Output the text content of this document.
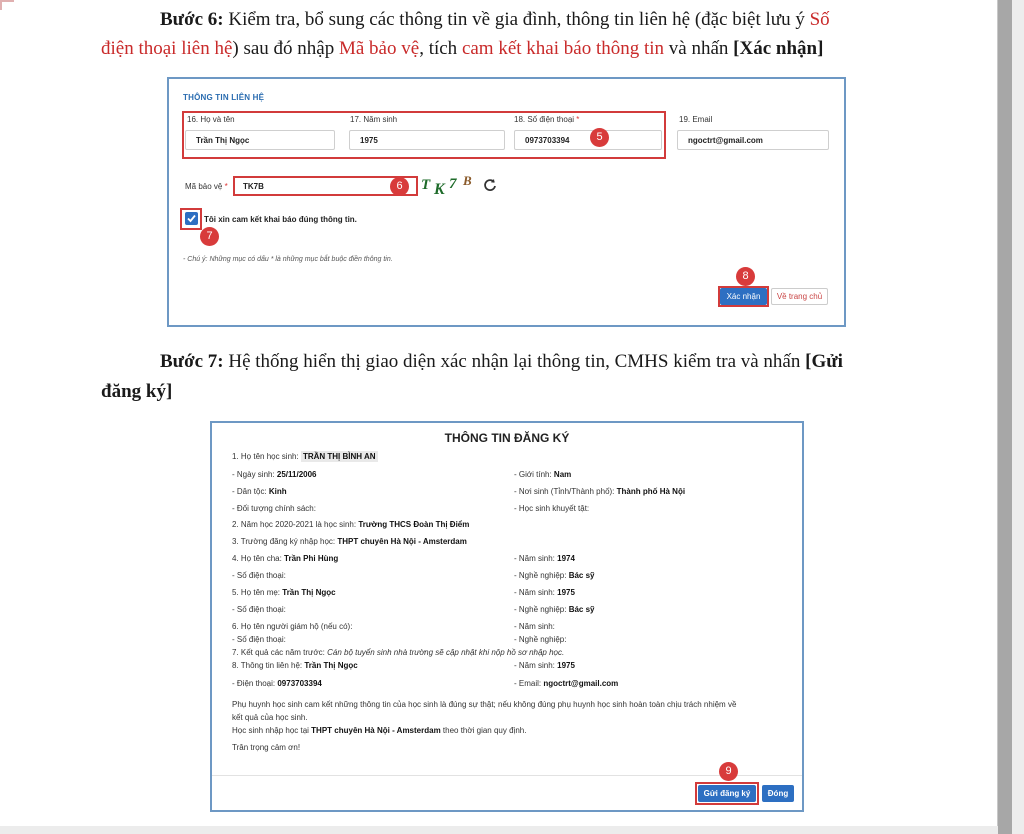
Bước 6: Kiểm tra, bổ sung các thông tin về gia đình, thông tin liên hệ (đặc biệt lưu ý Số
điện thoại liên hệ) sau đó nhập Mã bảo vệ, tích cam kết khai báo thông tin và nhấn [Xác nhận]
THÔNG TIN LIÊN HỆ
16. Họ và tên
Trần Thị Ngọc
17. Năm sinh
1975
18. Số điện thoại *
0973703394
19. Email
ngoctrt@gmail.com
5
Mã bảo vệ *	TK7B	6	T K 7 B
Tôi xin cam kết khai báo đúng thông tin.
7
- Chú ý: Những mục có dấu * là những mục bắt buộc điền thông tin.
8
Xác nhận	Về trang chủ
Bước 7: Hệ thống hiển thị giao diện xác nhận lại thông tin, CMHS kiểm tra và nhấn [Gửi
đăng ký]
THÔNG TIN ĐĂNG KÝ
1. Họ tên học sinh: TRẦN THỊ BÌNH AN
- Ngày sinh: 25/11/2006	- Giới tính: Nam
- Dân tộc: Kinh	- Nơi sinh (Tỉnh/Thành phố): Thành phố Hà Nội
- Đối tượng chính sách:	- Học sinh khuyết tật:
2. Năm học 2020-2021 là học sinh: Trường THCS Đoàn Thị Điểm
3. Trường đăng ký nhập học: THPT chuyên Hà Nội - Amsterdam
4. Họ tên cha: Trần Phi Hùng	- Năm sinh: 1974
- Số điện thoại:	- Nghề nghiệp: Bác sỹ
5. Họ tên mẹ: Trần Thị Ngọc	- Năm sinh: 1975
- Số điện thoại:	- Nghề nghiệp: Bác sỹ
6. Họ tên người giám hộ (nếu có):	- Năm sinh:
- Số điện thoại:	- Nghề nghiệp:
7. Kết quả các năm trước: Cán bộ tuyển sinh nhà trường sẽ cập nhật khi nộp hồ sơ nhập học.
8. Thông tin liên hệ: Trần Thị Ngọc	- Năm sinh: 1975
- Điện thoại: 0973703394	- Email: ngoctrt@gmail.com
Phụ huynh học sinh cam kết những thông tin của học sinh là đúng sự thật; nếu không đúng phụ huynh học sinh hoàn toàn chịu trách nhiệm về
kết quả của học sinh.
Học sinh nhập học tại THPT chuyên Hà Nội - Amsterdam theo thời gian quy định.
Trân trọng cảm ơn!
9
Gửi đăng ký	Đóng
